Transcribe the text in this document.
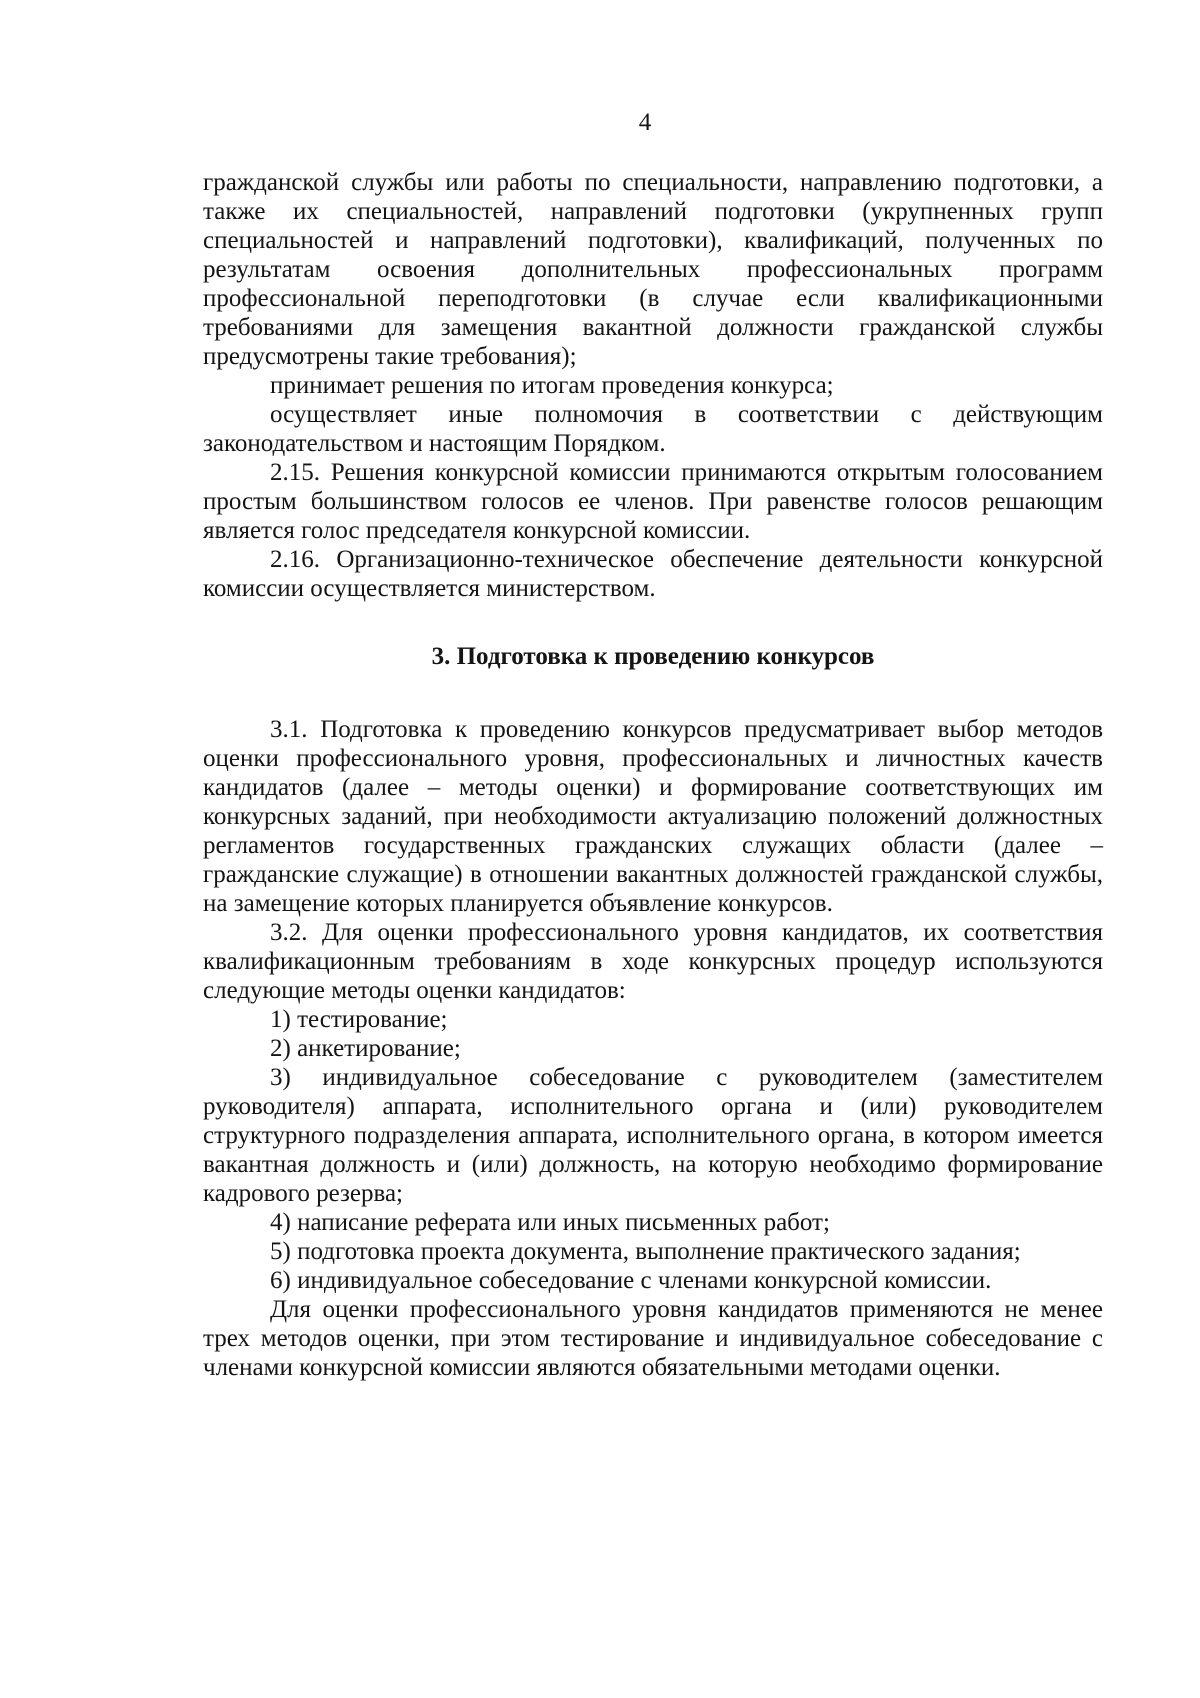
4

гражданской службы или работы по специальности, направлению подготовки, а также их специальностей, направлений подготовки (укрупненных групп специальностей и направлений подготовки), квалификаций, полученных по результатам освоения дополнительных профессиональных программ профессиональной переподготовки (в случае если квалификационными требованиями для замещения вакантной должности гражданской службы предусмотрены такие требования);

принимает решения по итогам проведения конкурса;

осуществляет иные полномочия в соответствии с действующим законодательством и настоящим Порядком.

2.15. Решения конкурсной комиссии принимаются открытым голосованием простым большинством голосов ее членов. При равенстве голосов решающим является голос председателя конкурсной комиссии.

2.16. Организационно-техническое обеспечение деятельности конкурсной комиссии осуществляется министерством.

3. Подготовка к проведению конкурсов

3.1. Подготовка к проведению конкурсов предусматривает выбор методов оценки профессионального уровня, профессиональных и личностных качеств кандидатов (далее – методы оценки) и формирование соответствующих им конкурсных заданий, при необходимости актуализацию положений должностных регламентов государственных гражданских служащих области (далее – гражданские служащие) в отношении вакантных должностей гражданской службы, на замещение которых планируется объявление конкурсов.

3.2. Для оценки профессионального уровня кандидатов, их соответствия квалификационным требованиям в ходе конкурсных процедур используются следующие методы оценки кандидатов:

1) тестирование;

2) анкетирование;

3) индивидуальное собеседование с руководителем (заместителем руководителя) аппарата, исполнительного органа и (или) руководителем структурного подразделения аппарата, исполнительного органа, в котором имеется вакантная должность и (или) должность, на которую необходимо формирование кадрового резерва;

4) написание реферата или иных письменных работ;

5) подготовка проекта документа, выполнение практического задания;

6) индивидуальное собеседование с членами конкурсной комиссии.

Для оценки профессионального уровня кандидатов применяются не менее трех методов оценки, при этом тестирование и индивидуальное собеседование с членами конкурсной комиссии являются обязательными методами оценки.
